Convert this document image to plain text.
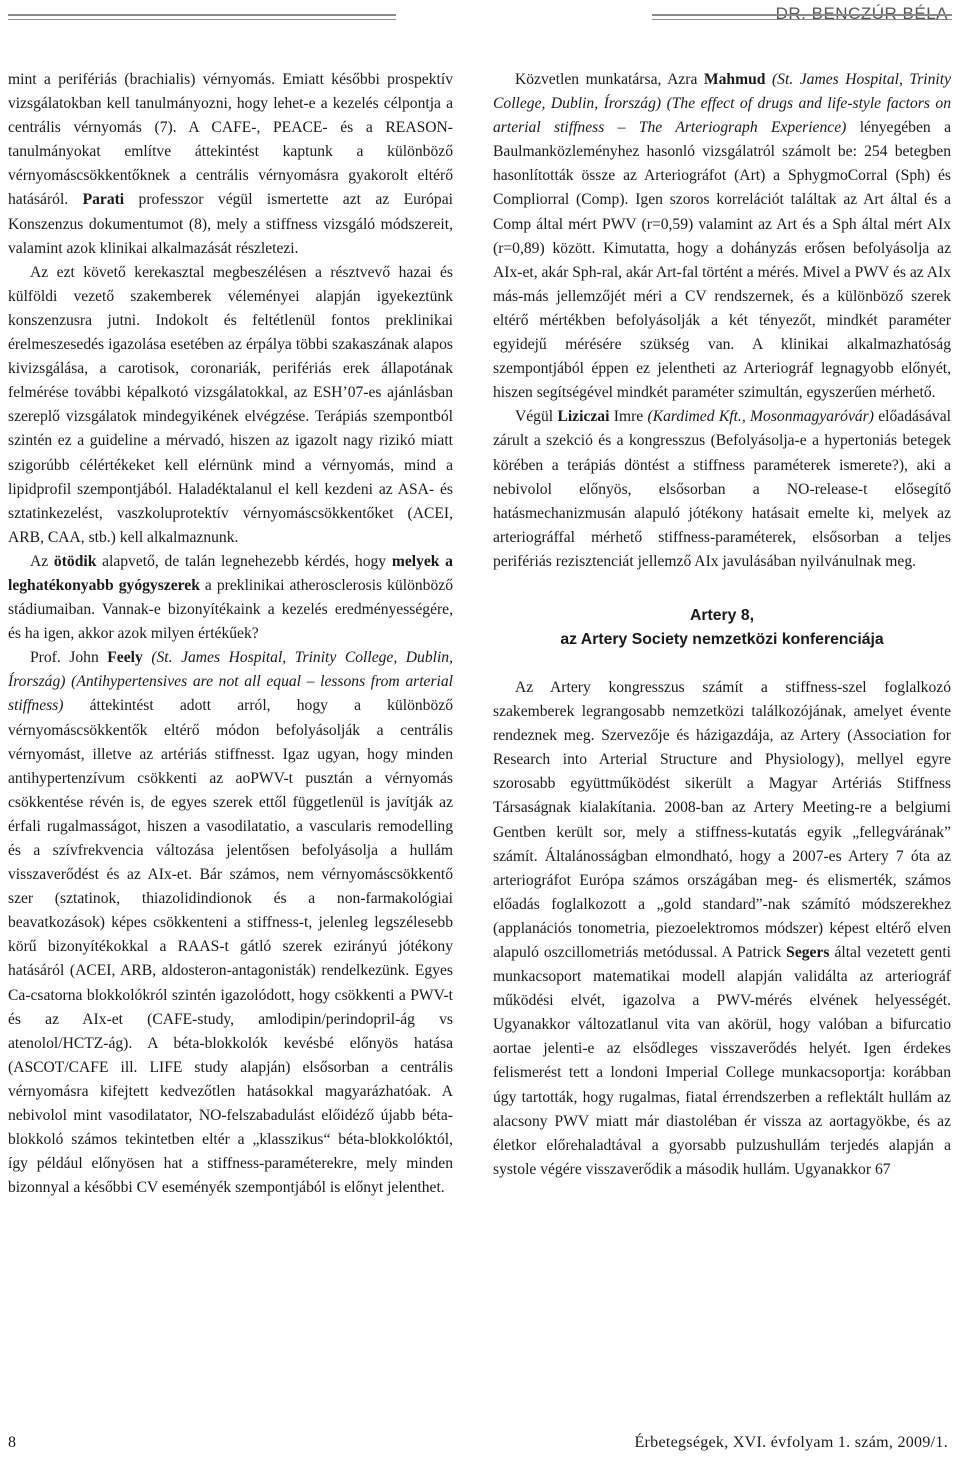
DR. BENCZÚR BÉLA

mint a perifériás (brachialis) vérnyomás. Emiatt későbbi prospektív vizsgálatokban kell tanulmányozni, hogy lehet-e a kezelés célpontja a centrális vérnyomás (7). A CAFE-, PEACE- és a REASON-tanulmányokat említve áttekintést kaptunk a különböző vérnyomáscsökkentőknek a centrális vérnyomásra gyakorolt eltérő hatásáról. Parati professzor végül ismertette azt az Európai Konszenzus dokumentumot (8), mely a stiffness vizsgáló módszereit, valamint azok klinikai alkalmazását részletezi.

Az ezt követő kerekasztal megbeszélésen a résztvevő hazai és külföldi vezető szakemberek véleményei alapján igyekeztünk konszenzusra jutni. Indokolt és feltétlenül fontos preklinikai érelmeszesedés igazolása esetében az érpálya többi szakaszának alapos kivizsgálása, a carotisok, coronariák, perifériás erek állapotának felmérése további képalkotó vizsgálatokkal, az ESH’07-es ajánlásban szereplő vizsgálatok mindegyikének elvégzése. Terápiás szempontból szintén ez a guideline a mérvadó, hiszen az igazolt nagy rizikó miatt szigorúbb célértékeket kell elérnünk mind a vérnyomás, mind a lipidprofil szempontjából. Haladéktalanul el kell kezdeni az ASA- és sztatinkezelést, vaszkoluprotektív vérnyomáscsökkentőket (ACEI, ARB, CAA, stb.) kell alkalmaznunk.

Az ötödik alapvető, de talán legnehezebb kérdés, hogy melyek a leghatékonyabb gyógyszerek a preklinikai atherosclerosis különböző stádiumaiban. Vannak-e bizonyítékaink a kezelés eredményességére, és ha igen, akkor azok milyen értékűek?

Prof. John Feely (St. James Hospital, Trinity College, Dublin, Írország) (Antihypertensives are not all equal – lessons from arterial stiffness) áttekintést adott arról, hogy a különböző vérnyomáscsökkentők eltérő módon befolyásolják a centrális vérnyomást, illetve az artériás stiffnesst. Igaz ugyan, hogy minden antihypertenzívum csökkenti az aoPWV-t pusztán a vérnyomás csökkentése révén is, de egyes szerek ettől függetlenül is javítják az érfali rugalmasságot, hiszen a vasodilatatio, a vascularis remodelling és a szívfrekvencia változása jelentősen befolyásolja a hullám visszaverődést és az AIx-et. Bár számos, nem vérnyomáscsökkentő szer (sztatinok, thiazolidindionok és a non-farmakológiai beavatkozások) képes csökkenteni a stiffness-t, jelenleg legszélesebb körű bizonyítékokkal a RAAS-t gátló szerek ezirányú jótékony hatásáról (ACEI, ARB, aldosteron-antagonisták) rendelkezünk. Egyes Ca-csatorna blokkolókról szintén igazolódott, hogy csökkenti a PWV-t és az AIx-et (CAFE-study, amlodipin/perindopril-ág vs atenolol/HCTZ-ág). A béta-blokkolók kevésbé előnyös hatása (ASCOT/CAFE ill. LIFE study alapján) elsősorban a centrális vérnyomásra kifejtett kedvezőtlen hatásokkal magyarázhatóak. A nebivolol mint vasodilatator, NO-felszabadulást előidéző újabb béta-blokkoló számos tekintetben eltér a „klasszikus“ béta-blokkolóktól, így például előnyösen hat a stiffness-paraméterekre, mely minden bizonnyal a későbbi CV eseményék szempontjából is előnyt jelenthet.

Közvetlen munkatársa, Azra Mahmud (St. James Hospital, Trinity College, Dublin, Írország) (The effect of drugs and life-style factors on arterial stiffness – The Arteriograph Experience) lényegében a Baulmanközleményhez hasonló vizsgálatról számolt be: 254 betegben hasonlították össze az Arteriográfot (Art) a SphygmoCorral (Sph) és Compliorral (Comp). Igen szoros korrelációt találtak az Art által és a Comp által mért PWV (r=0,59) valamint az Art és a Sph által mért AIx (r=0,89) között. Kimutatta, hogy a dohányzás erősen befolyásolja az AIx-et, akár Sph-ral, akár Art-fal történt a mérés. Mivel a PWV és az AIx más-más jellemzőjét méri a CV rendszernek, és a különböző szerek eltérő mértékben befolyásolják a két tényezőt, mindkét paraméter egyidejű mérésére szükség van. A klinikai alkalmazhatóság szempontjából éppen ez jelentheti az Arteriográf legnagyobb előnyét, hiszen segítségével mindkét paraméter szimultán, egyszerűen mérhető.

Végül Liziczai Imre (Kardimed Kft., Mosonmagyaróvár) előadásával zárult a szekció és a kongresszus (Befolyásolja-e a hypertoniás betegek körében a terápiás döntést a stiffness paraméterek ismerete?), aki a nebivolol előnyös, elsősorban a NO-release-t elősegítő hatásmechanizmusán alapuló jótékony hatásait emelte ki, melyek az arteriográffal mérhető stiffness-paraméterek, elsősorban a teljes perifériás rezisztenciát jellemző AIx javulásában nyilvánulnak meg.

Artery 8,
az Artery Society nemzetközi konferenciája

Az Artery kongresszus számít a stiffness-szel foglalkozó szakemberek legrangosabb nemzetközi találkozójának, amelyet évente rendeznek meg. Szervezője és házigazdája, az Artery (Association for Research into Arterial Structure and Physiology), mellyel egyre szorosabb együttműködést sikerült a Magyar Artériás Stiffness Társaságnak kialakítania. 2008-ban az Artery Meeting-re a belgiumi Gentben került sor, mely a stiffness-kutatás egyik „fellegvárának” számít. Általánosságban elmondható, hogy a 2007-es Artery 7 óta az arteriográfot Európa számos országában meg- és elismerték, számos előadás foglalkozott a „gold standard”-nak számító módszerekhez (applanációs tonometria, piezoelektromos módszer) képest eltérő elven alapuló oszcillometriás metódussal. A Patrick Segers által vezetett genti munkacsoport matematikai modell alapján validálta az arteriográf működési elvét, igazolva a PWV-mérés elvének helyességét. Ugyanakkor változatlanul vita van akörül, hogy valóban a bifurcatio aortae jelenti-e az elsődleges visszaverődés helyét. Igen érdekes felismerést tett a londoni Imperial College munkacsoportja: korábban úgy tartották, hogy rugalmas, fiatal érrendszerben a reflektált hullám az alacsony PWV miatt már diastoléban ér vissza az aortagyökbe, és az életkor előrehaladtával a gyorsabb pulzushullám terjedés alapján a systole végére visszaverődik a második hullám. Ugyanakkor 67

8	Érbetegségek, XVI. évfolyam 1. szám, 2009/1.
